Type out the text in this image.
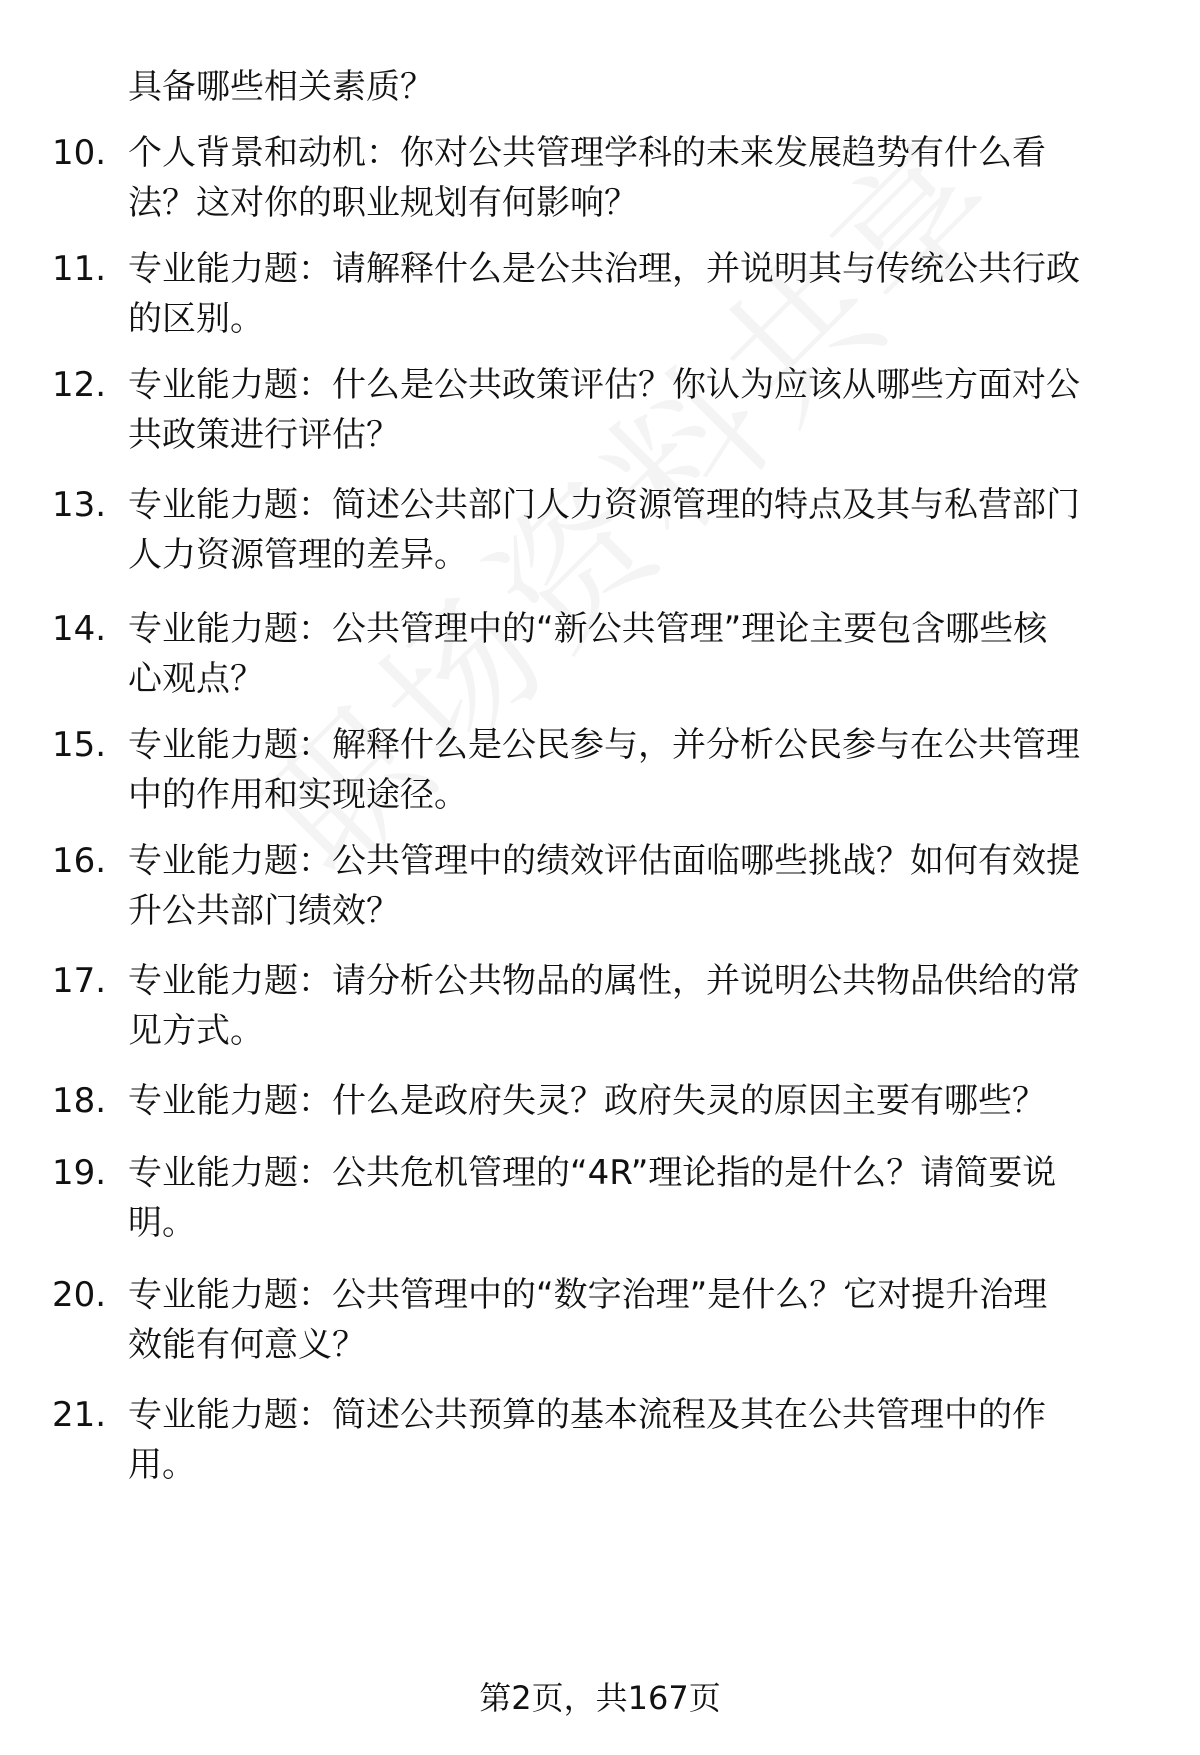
具备哪些相关素质？
10. 个人背景和动机：你对公共管理学科的未来发展趋势有什么看
法？这对你的职业规划有何影响？
11. 专业能力题：请解释什么是公共治理，并说明其与传统公共行政
的区别。
12. 专业能力题：什么是公共政策评估？你认为应该从哪些方面对公
共政策进行评估？
13. 专业能力题：简述公共部门人力资源管理的特点及其与私营部门
人力资源管理的差异。
14. 专业能力题：公共管理中的“新公共管理”理论主要包含哪些核
心观点？
15. 专业能力题：解释什么是公民参与，并分析公民参与在公共管理
中的作用和实现途径。
16. 专业能力题：公共管理中的绩效评估面临哪些挑战？如何有效提
升公共部门绩效？
17. 专业能力题：请分析公共物品的属性，并说明公共物品供给的常
见方式。
18. 专业能力题：什么是政府失灵？政府失灵的原因主要有哪些？
19. 专业能力题：公共危机管理的“4R”理论指的是什么？请简要说
明。
20. 专业能力题：公共管理中的“数字治理”是什么？它对提升治理
效能有何意义？
21. 专业能力题：简述公共预算的基本流程及其在公共管理中的作
用。
第2页，共167页
